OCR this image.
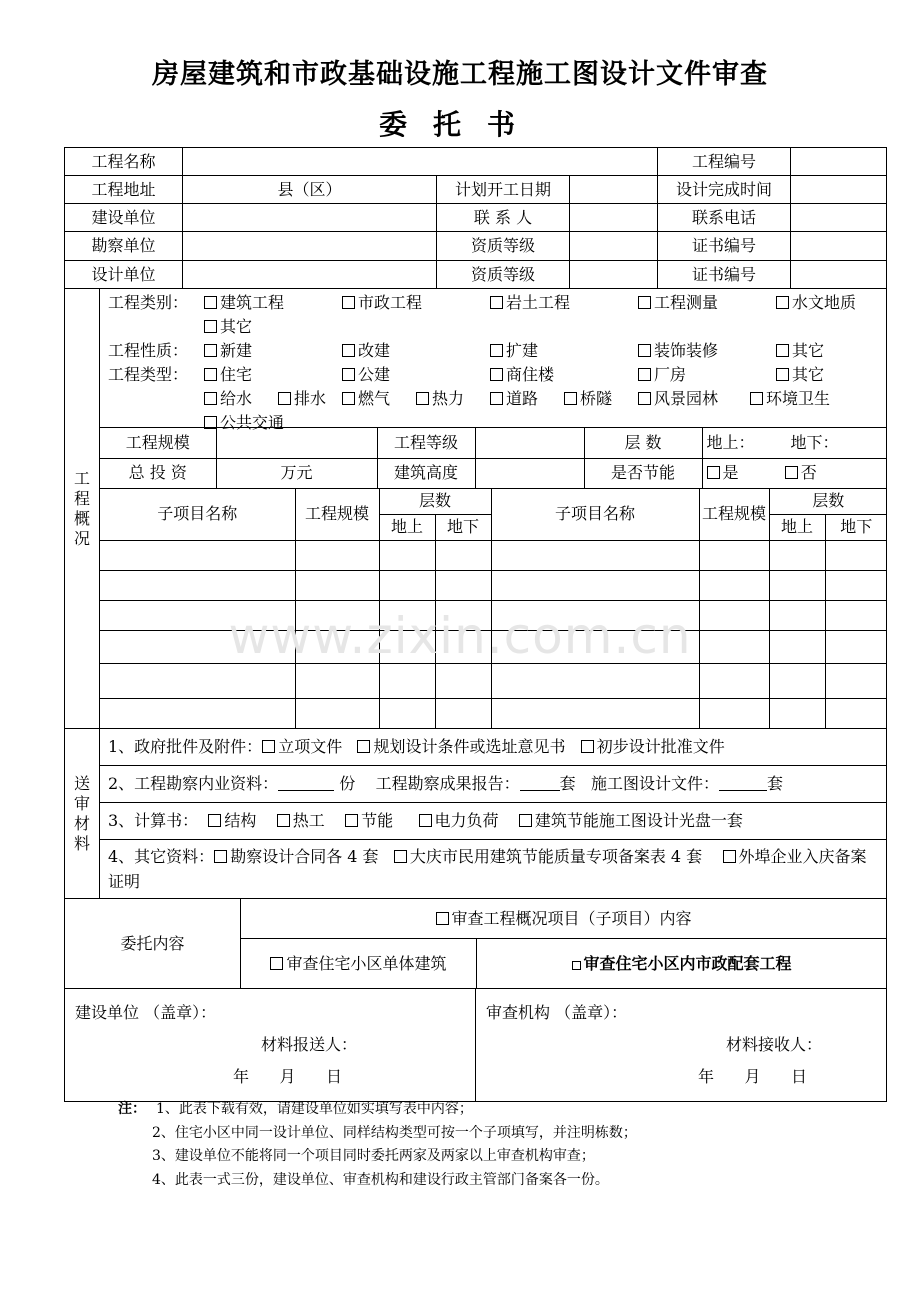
房屋建筑和市政基础设施工程施工图设计文件审查
委托书
工程名称				工程编号	
工程地址	县（区）	计划开工日期		设计完成时间	
建设单位		联 系 人		联系电话	
勘察单位		资质等级		证书编号	
设计单位		资质等级		证书编号	
工
程
概
况

工程类别：	建筑工程	市政工程	岩土工程	工程测量	水文地质
其它
工程性质：	新建	改建	扩建	装饰装修	其它
工程类型：	住宅	公建	商住楼	厂房	其它
给水	排水	燃气	热力	道路	桥隧	风景园林	环境卫生
公共交通
工程规模		工程等级		层 数	地上： 地下：
总 投 资	万元	建筑高度		是否节能	是	否
子项目名称	工程规模	层数	子项目名称	工程规模	层数
地上	地下	地上	地下

送
审
材
料
	1、政府批件及附件： 立项文件 规划设计条件或选址意见书 初步设计批准文件
2、工程勘察内业资料：	份 工程勘察成果报告：	套 施工图设计文件：	套
3、计算书： 结构 热工 节能	电力负荷 建筑节能施工图设计光盘一套
4、其它资料： 勘察设计合同各 4 套 大庆市民用建筑节能质量专项备案表 4 套 外埠企业入庆备案证明
委托内容	审查工程概况项目（子项目）内容	
	审查住宅小区单体建筑	审查住宅小区内市政配套工程
建设单位 （盖章）：
材料报送人：
年      月      日

审查机构 （盖章）：
材料接收人：
年      月      日
www.zixin.com.cn
注： 1、此表下载有效，请建设单位如实填写表中内容；
2、住宅小区中同一设计单位、同样结构类型可按一个子项填写，并注明栋数；
3、建设单位不能将同一个项目同时委托两家及两家以上审查机构审查；
4、此表一式三份，建设单位、审查机构和建设行政主管部门备案各一份。
